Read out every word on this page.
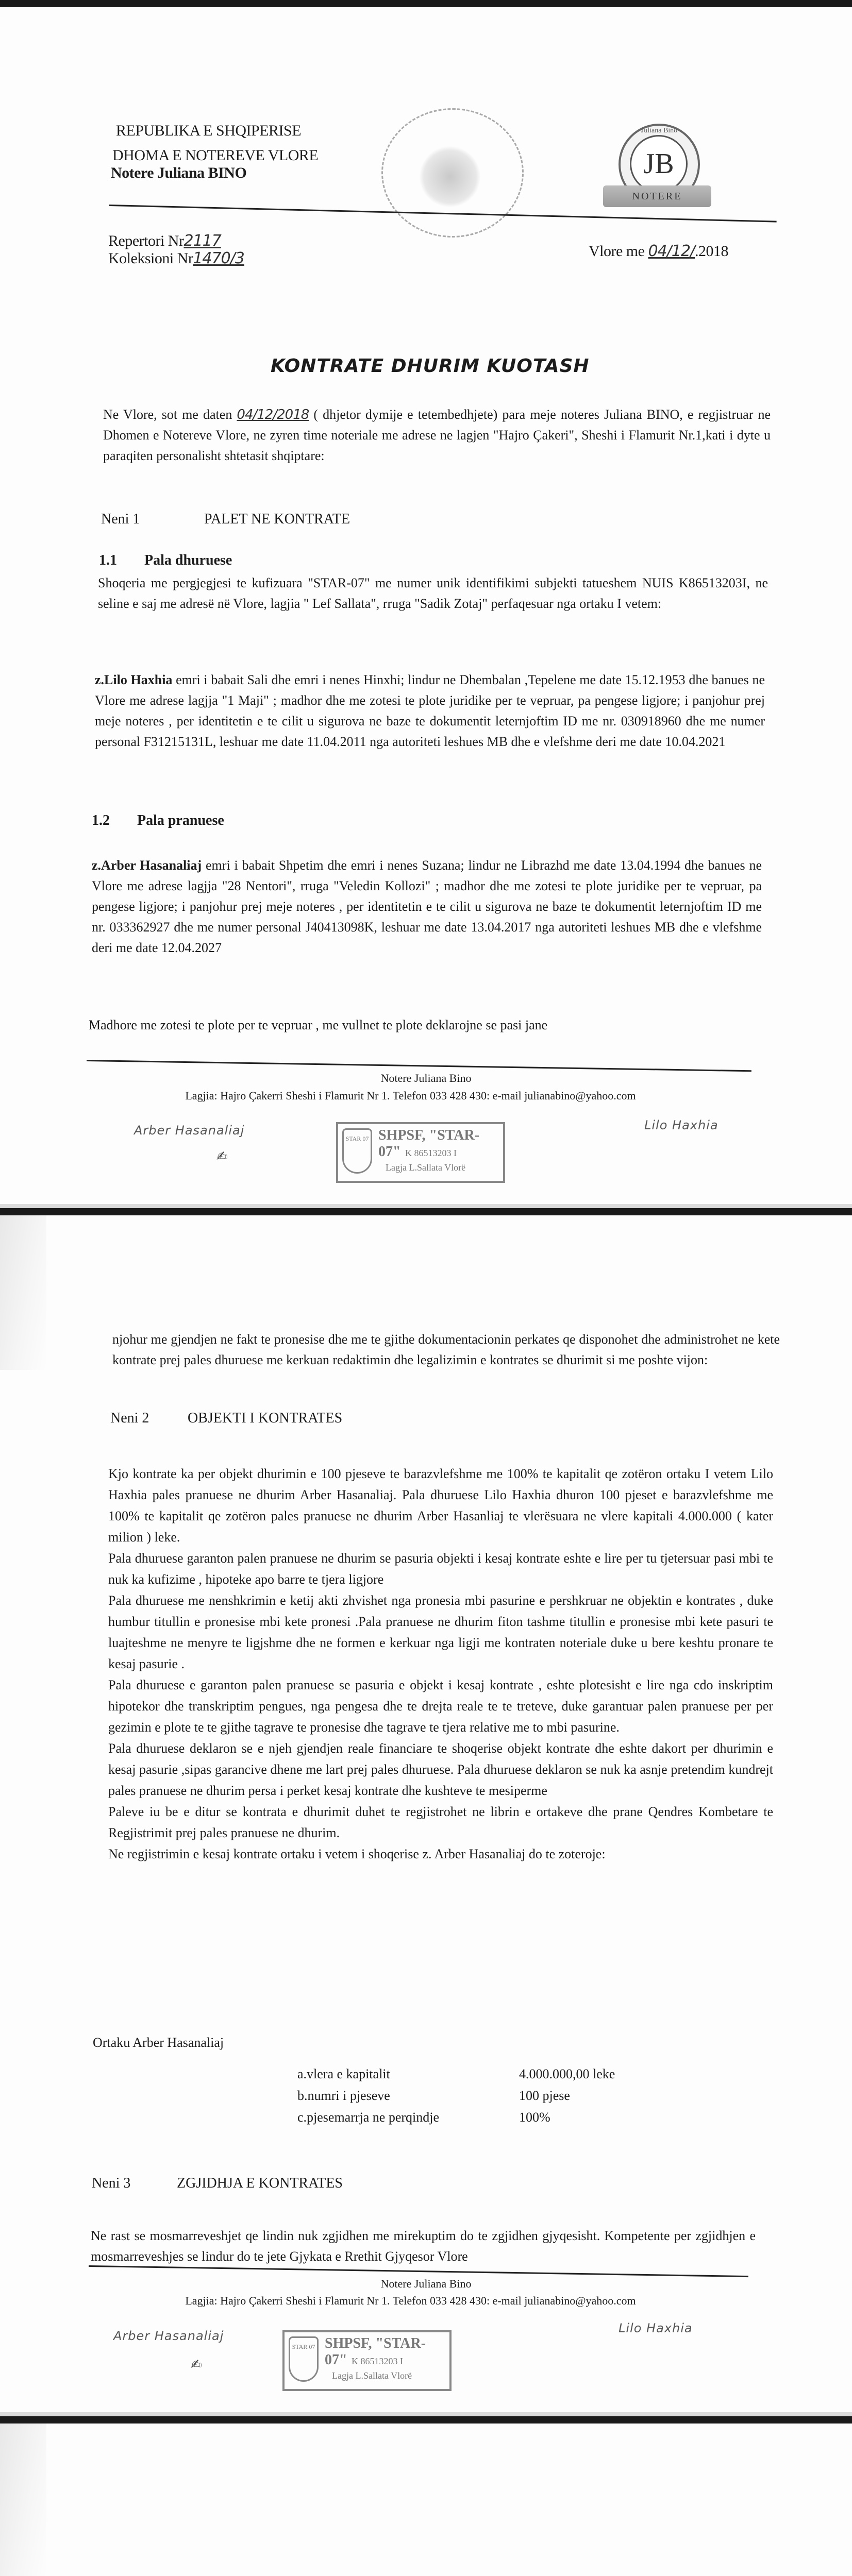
REPUBLIKA E SHQIPERISE
DHOMA E NOTEREVE VLORE
Notere Juliana BINO
Juliana Bino
JB
NOTERE
Repertori Nr2117
Koleksioni Nr1470/3	Vlore me 04/12/.2018
KONTRATE DHURIM KUOTASH

Ne Vlore, sot me daten 04/12/2018 ( dhjetor dymije e tetembedhjete) para meje noteres Juliana BINO, e regjistruar ne Dhomen e Notereve Vlore, ne zyren time noteriale me adrese ne lagjen "Hajro Çakeri", Sheshi i Flamurit Nr.1,kati i dyte u paraqiten personalisht shtetasit shqiptare:

Neni 1	PALET NE KONTRATE
1.1 Pala dhuruese
Shoqeria me pergjegjesi te kufizuara "STAR-07" me numer unik identifikimi subjekti tatueshem NUIS K86513203I, ne seline e saj me adresë në Vlore, lagjia " Lef Sallata", rruga "Sadik Zotaj" perfaqesuar nga ortaku I vetem:

z.Lilo Haxhia emri i babait Sali dhe emri i nenes Hinxhi; lindur ne Dhembalan ,Tepelene me date 15.12.1953 dhe banues ne Vlore me adrese lagjja "1 Maji" ; madhor dhe me zotesi te plote juridike per te vepruar, pa pengese ligjore; i panjohur prej meje noteres , per identitetin e te cilit u sigurova ne baze te dokumentit leternjoftim ID me nr. 030918960 dhe me numer personal F31215131L, leshuar me date 11.04.2011 nga autoriteti leshues MB dhe e vlefshme deri me date 10.04.2021

1.2 Pala pranuese

z.Arber Hasanaliaj emri i babait Shpetim dhe emri i nenes Suzana; lindur ne Librazhd me date 13.04.1994 dhe banues ne Vlore me adrese lagjja "28 Nentori", rruga "Veledin Kollozi" ; madhor dhe me zotesi te plote juridike per te vepruar, pa pengese ligjore; i panjohur prej meje noteres , per identitetin e te cilit u sigurova ne baze te dokumentit leternjoftim ID me nr. 033362927 dhe me numer personal J40413098K, leshuar me date 13.04.2017 nga autoriteti leshues MB dhe e vlefshme deri me date 12.04.2027

Madhore me zotesi te plote per te vepruar , me vullnet te plote deklarojne se pasi jane
Notere Juliana Bino
Lagjia: Hajro Çakerri Sheshi i Flamurit Nr 1. Telefon 033 428 430: e-mail julianabino@yahoo.com
Arber Hasanaliaj
✍
STAR 07 SHPSF, "STAR- 07" K 86513203 I
Lagja L.Sallata Vlorë
Lilo Haxhia
njohur me gjendjen ne fakt te pronesise dhe me te gjithe dokumentacionin perkates qe disponohet dhe administrohet ne kete kontrate prej pales dhuruese me kerkuan redaktimin dhe legalizimin e kontrates se dhurimit si me poshte vijon:
Neni 2	OBJEKTI I KONTRATES

Kjo kontrate ka per objekt dhurimin e 100 pjeseve te barazvlefshme me 100% te kapitalit qe zotëron ortaku I vetem Lilo Haxhia pales pranuese ne dhurim Arber Hasanaliaj. Pala dhuruese Lilo Haxhia dhuron 100 pjeset e barazvlefshme me 100% te kapitalit qe zotëron pales pranuese ne dhurim Arber Hasanliaj te vlerësuara ne vlere kapitali 4.000.000 ( kater milion ) leke.

Pala dhuruese garanton palen pranuese ne dhurim se pasuria objekti i kesaj kontrate eshte e lire per tu tjetersuar pasi mbi te nuk ka kufizime , hipoteke apo barre te tjera ligjore

Pala dhuruese me nenshkrimin e ketij akti zhvishet nga pronesia mbi pasurine e pershkruar ne objektin e kontrates , duke humbur titullin e pronesise mbi kete pronesi .Pala pranuese ne dhurim fiton tashme titullin e pronesise mbi kete pasuri te luajteshme ne menyre te ligjshme dhe ne formen e kerkuar nga ligji me kontraten noteriale duke u bere keshtu pronare te kesaj pasurie .

Pala dhuruese e garanton palen pranuese se pasuria e objekt i kesaj kontrate , eshte plotesisht e lire nga cdo inskriptim hipotekor dhe transkriptim pengues, nga pengesa dhe te drejta reale te te treteve, duke garantuar palen pranuese per per gezimin e plote te te gjithe tagrave te pronesise dhe tagrave te tjera relative me to mbi pasurine.

Pala dhuruese deklaron se e njeh gjendjen reale financiare te shoqerise objekt kontrate dhe eshte dakort per dhurimin e kesaj pasurie ,sipas garancive dhene me lart prej pales dhuruese. Pala dhuruese deklaron se nuk ka asnje pretendim kundrejt pales pranuese ne dhurim persa i perket kesaj kontrate dhe kushteve te mesiperme

Paleve iu be e ditur se kontrata e dhurimit duhet te regjistrohet ne librin e ortakeve dhe prane Qendres Kombetare te Regjistrimit prej pales pranuese ne dhurim.

Ne regjistrimin e kesaj kontrate ortaku i vetem i shoqerise z. Arber Hasanaliaj do te zoteroje:

Ortaku Arber Hasanaliaj
a.vlera e kapitalit	4.000.000,00 leke
b.numri i pjeseve	100 pjese
c.pjesemarrja ne perqindje	100%
Neni 3	ZGJIDHJA E KONTRATES
Ne rast se mosmarreveshjet qe lindin nuk zgjidhen me mirekuptim do te zgjidhen gjyqesisht. Kompetente per zgjidhjen e mosmarreveshjes se lindur do te jete Gjykata e Rrethit Gjyqesor Vlore
Notere Juliana Bino
Lagjia: Hajro Çakerri Sheshi i Flamurit Nr 1. Telefon 033 428 430: e-mail julianabino@yahoo.com
Arber Hasanaliaj
✍
STAR 07 SHPSF, "STAR- 07" K 86513203 I
Lagja L.Sallata Vlorë
Lilo Haxhia
